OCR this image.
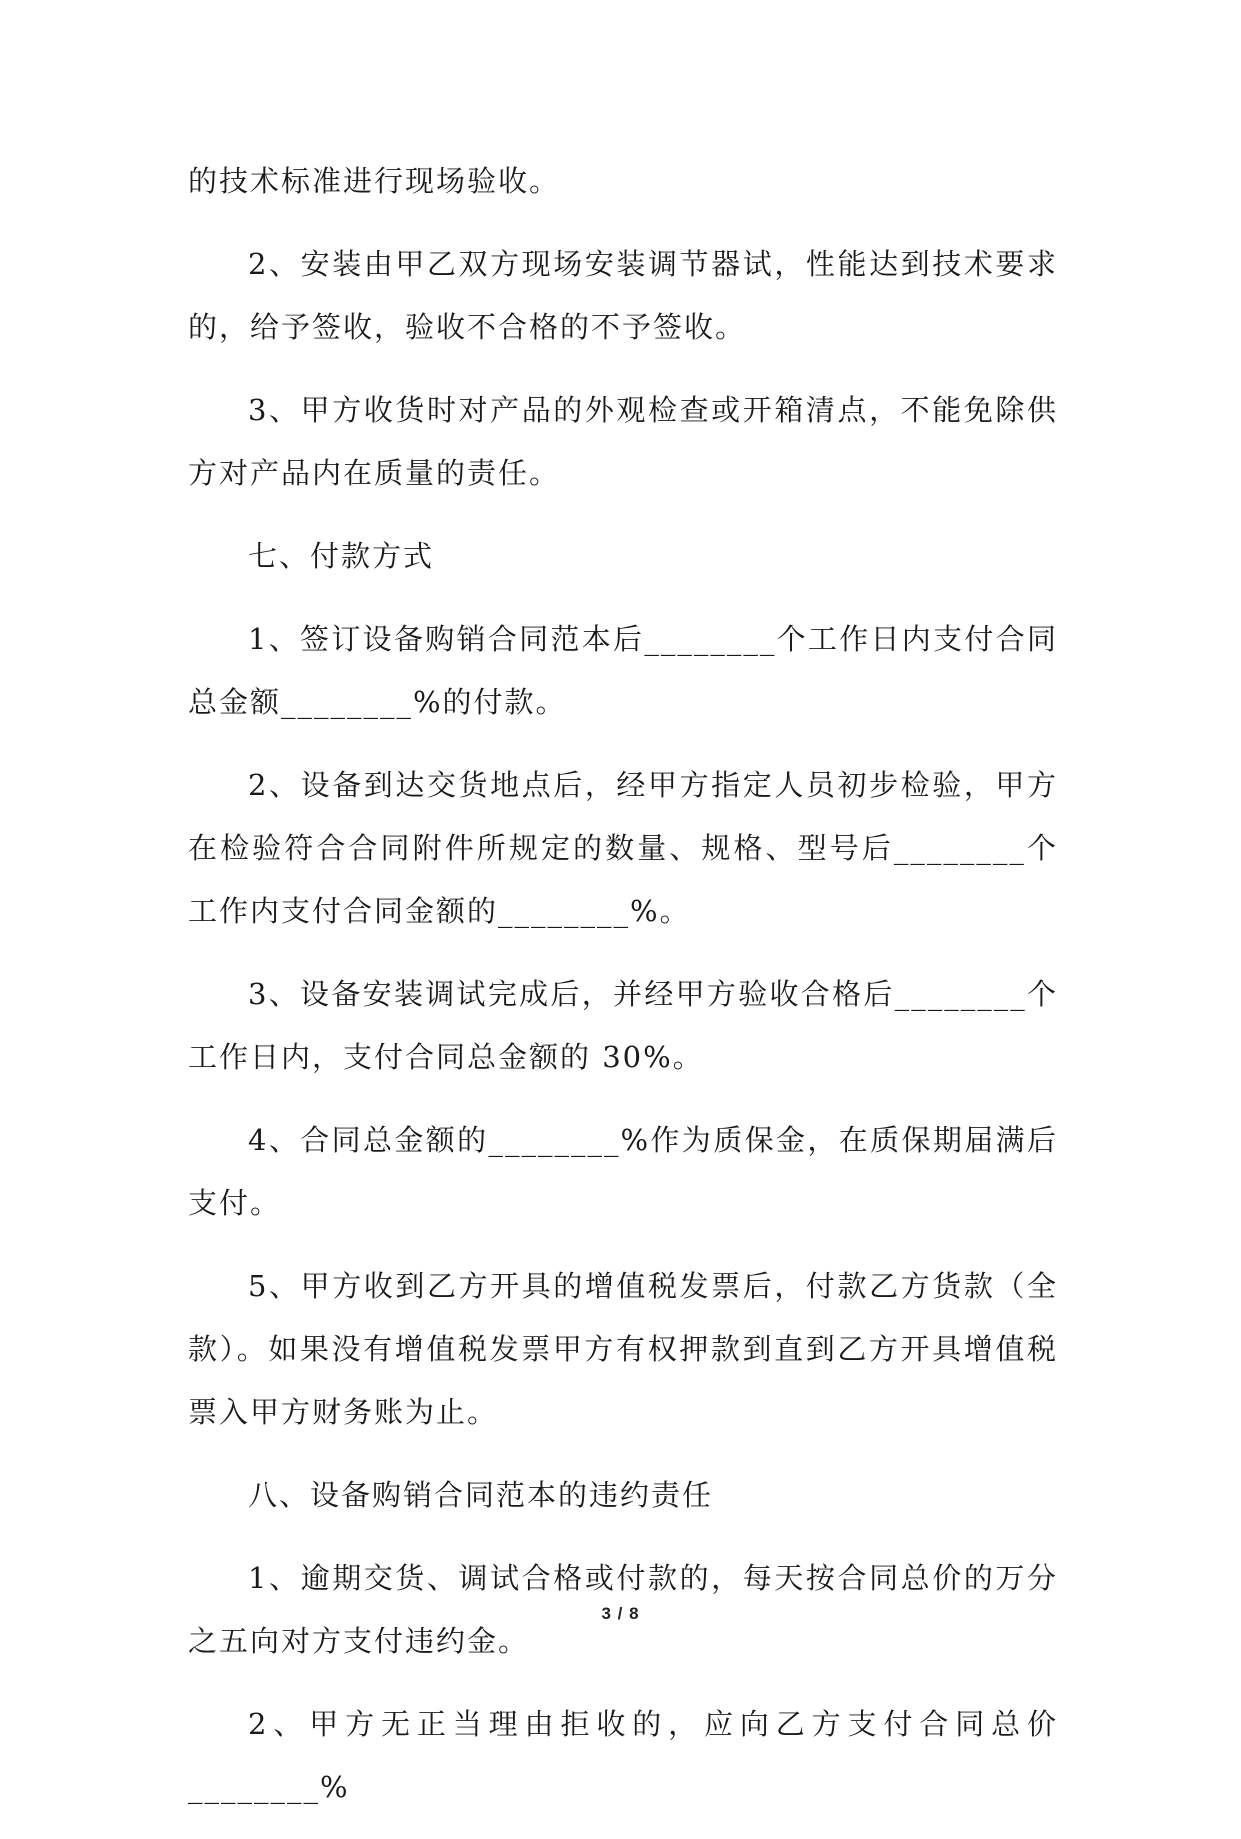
的技术标准进行现场验收。

2、安装由甲乙双方现场安装调节器试，性能达到技术要求的，给予签收，验收不合格的不予签收。

3、甲方收货时对产品的外观检查或开箱清点，不能免除供方对产品内在质量的责任。

七、付款方式

1、签订设备购销合同范本后________个工作日内支付合同总金额________%的付款。

2、设备到达交货地点后，经甲方指定人员初步检验，甲方在检验符合合同附件所规定的数量、规格、型号后________个工作内支付合同金额的________%。

3、设备安装调试完成后，并经甲方验收合格后________个工作日内，支付合同总金额的 30%。

4、合同总金额的________%作为质保金，在质保期届满后支付。

5、甲方收到乙方开具的增值税发票后，付款乙方货款（全款）。如果没有增值税发票甲方有权押款到直到乙方开具增值税票入甲方财务账为止。

八、设备购销合同范本的违约责任

1、逾期交货、调试合格或付款的，每天按合同总价的万分之五向对方支付违约金。

2、甲方无正当理由拒收的，应向乙方支付合同总价________%

3 / 8
